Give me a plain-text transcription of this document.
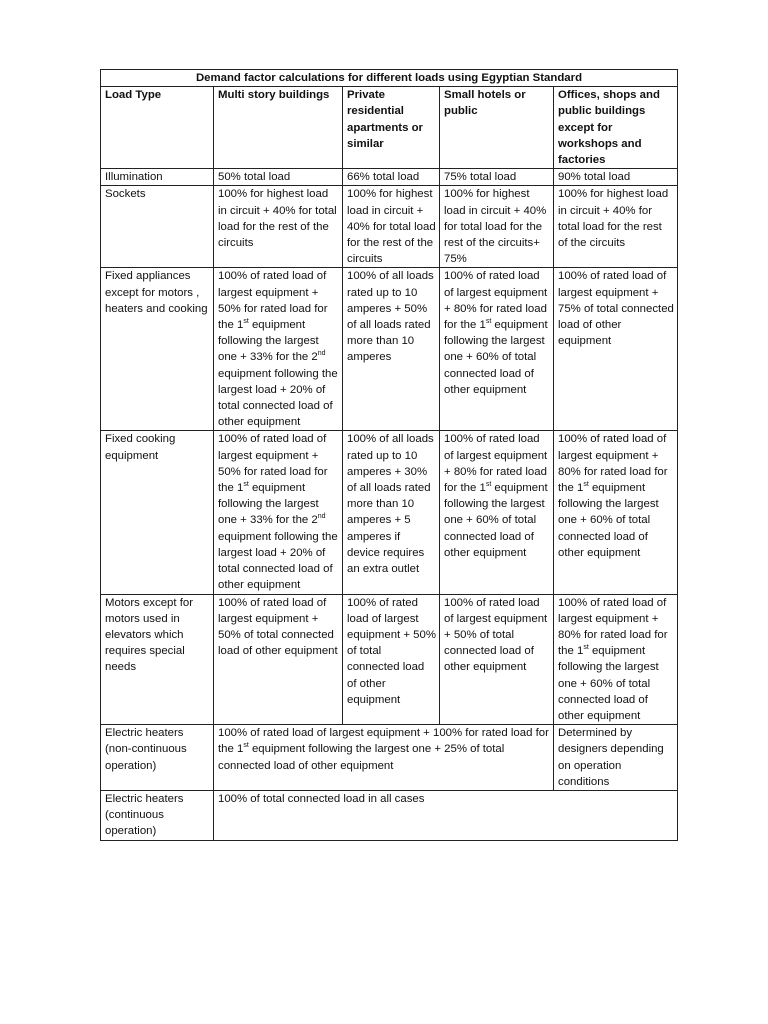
Demand factor calculations for different loads using Egyptian Standard				
Load Type	Multi story buildings	Private residential apartments or similar	Small hotels or public	Offices, shops and public buildings except for workshops and factories
Illumination	50% total load	66% total load	75% total load	90% total load
Sockets	100% for highest load in circuit + 40% for total load for the rest of the circuits	100% for highest load in circuit + 40% for total load for the rest of the circuits	100% for highest load in circuit + 40% for total load for the rest of the circuits+ 75%	100% for highest load in circuit + 40% for total load for the rest of the circuits
Fixed appliances except for motors , heaters and cooking	100% of rated load of largest equipment + 50% for rated load for the 1st equipment following the largest one + 33% for the 2nd equipment following the largest load + 20% of total connected load of other equipment	100% of all loads rated up to 10 amperes + 50% of all loads rated more than 10 amperes	100% of rated load of largest equipment + 80% for rated load for the 1st equipment following the largest one + 60% of total connected load of other equipment	100% of rated load of largest equipment + 75% of total connected load of other equipment
Fixed cooking equipment	100% of rated load of largest equipment + 50% for rated load for the 1st equipment following the largest one + 33% for the 2nd equipment following the largest load + 20% of total connected load of other equipment	100% of all loads rated up to 10 amperes + 30% of all loads rated more than 10 amperes + 5 amperes if device requires an extra outlet	100% of rated load of largest equipment + 80% for rated load for the 1st equipment following the largest one + 60% of total connected load of other equipment	100% of rated load of largest equipment + 80% for rated load for the 1st equipment following the largest one + 60% of total connected load of other equipment
Motors except for motors used in elevators which requires special needs	100% of rated load of largest equipment + 50% of total connected load of other equipment	100% of rated load of largest equipment + 50% of total connected load of other equipment	100% of rated load of largest equipment + 50% of total connected load of other equipment	100% of rated load of largest equipment + 80% for rated load for the 1st equipment following the largest one + 60% of total connected load of other equipment
Electric heaters (non-continuous operation)	100% of rated load of largest equipment + 100% for rated load for the 1st equipment following the largest one + 25% of total connected load of other equipment			Determined by designers depending on operation conditions
Electric heaters (continuous operation)	100% of total connected load in all cases			
